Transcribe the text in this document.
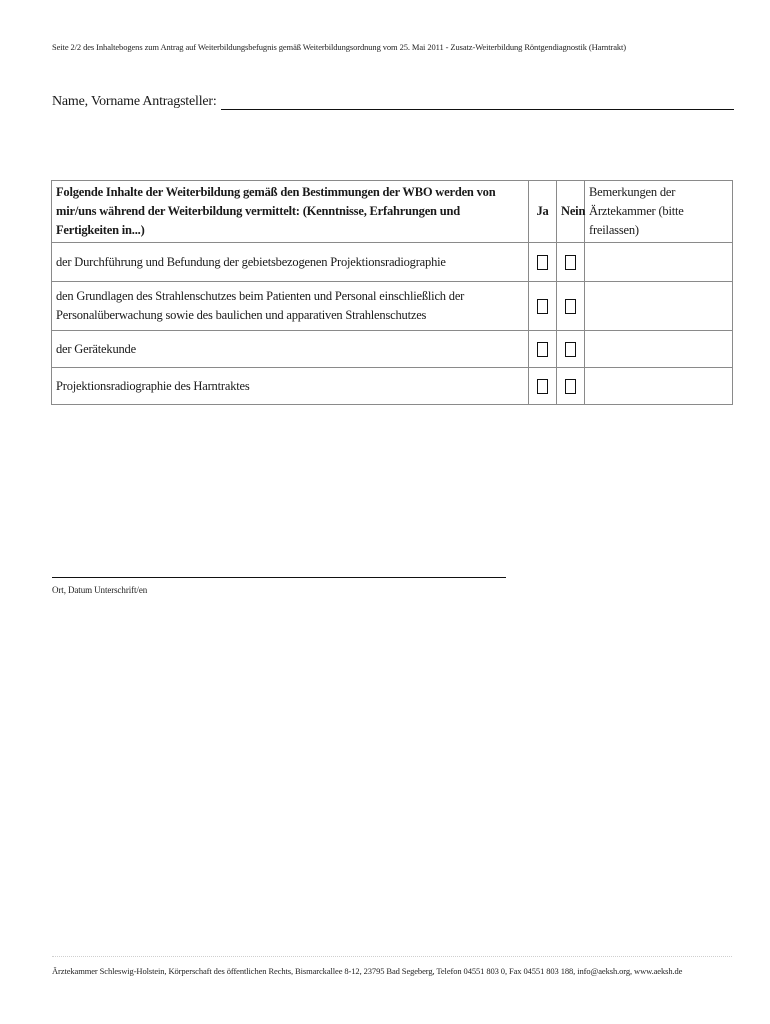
Seite 2/2 des Inhaltebogens zum Antrag auf Weiterbildungsbefugnis gemäß Weiterbildungsordnung vom 25. Mai 2011 - Zusatz-Weiterbildung Röntgendiagnostik (Harntrakt)
Name, Vorname Antragsteller:
Folgende Inhalte der Weiterbildung gemäß den Bestimmungen der WBO werden von mir/uns während der Weiterbildung vermittelt: (Kenntnisse, Erfahrungen und Fertigkeiten in...)	Ja	Nein	Bemerkungen der Ärztekammer (bitte freilassen)
der Durchführung und Befundung der gebietsbezogenen Projektionsradiographie			
den Grundlagen des Strahlenschutzes beim Patienten und Personal einschließlich der Personalüberwachung sowie des baulichen und apparativen Strahlenschutzes			
der Gerätekunde			
Projektionsradiographie des Harntraktes			
Ort, Datum Unterschrift/en
Ärztekammer Schleswig-Holstein, Körperschaft des öffentlichen Rechts, Bismarckallee 8-12, 23795 Bad Segeberg, Telefon 04551 803 0, Fax 04551 803 188, info@aeksh.org, www.aeksh.de
